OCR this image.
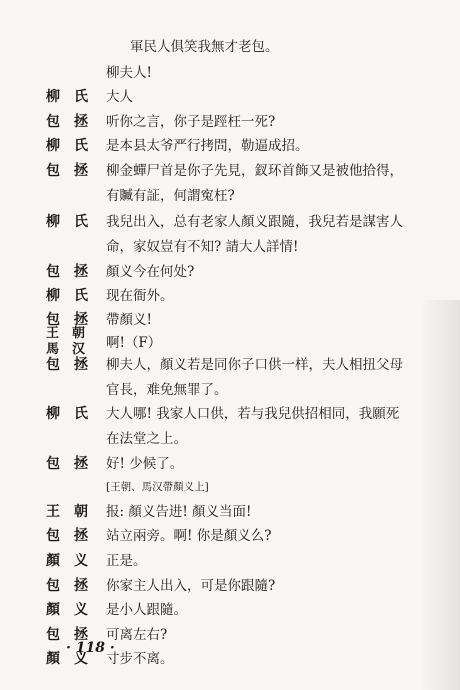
軍民人俱笑我無才老包。
柳夫人!
柳　氏	大人
包　拯	听你之言，你子是踁枉一死?
柳　氏	是本县太爷严行拷問，勒逼成招。
包　拯	柳金蟬尸首是你子先見，釵环首飾又是被他拾得，
有贓有証，何謂寃枉?
柳　氏	我兒出入，总有老家人顏义跟隨，我兒若是謀害人
命，家奴豈有不知? 請大人詳情!
包　拯	顏义今在何处?
柳　氏	现在衙外。
包　拯	帶顏义!
王　朝
馬　汉 啊!（F）
包　拯	柳夫人，顏义若是同你子口供一样，夫人相扭父母
官長，难免無罪了。
柳　氏	大人哪! 我家人口供，若与我兒供招相同，我願死
在法堂之上。
包　拯	好! 少候了。
[王朝、馬汉帶顏义上]
王　朝	报: 顏义告进! 顏义当面!
包　拯	站立兩旁。啊! 你是顏义么?
顏　义	正是。
包　拯	你家主人出入，可是你跟隨?
顏　义	是小人跟隨。
包　拯	可离左右?
顏　义	寸步不离。
· 118 ·
